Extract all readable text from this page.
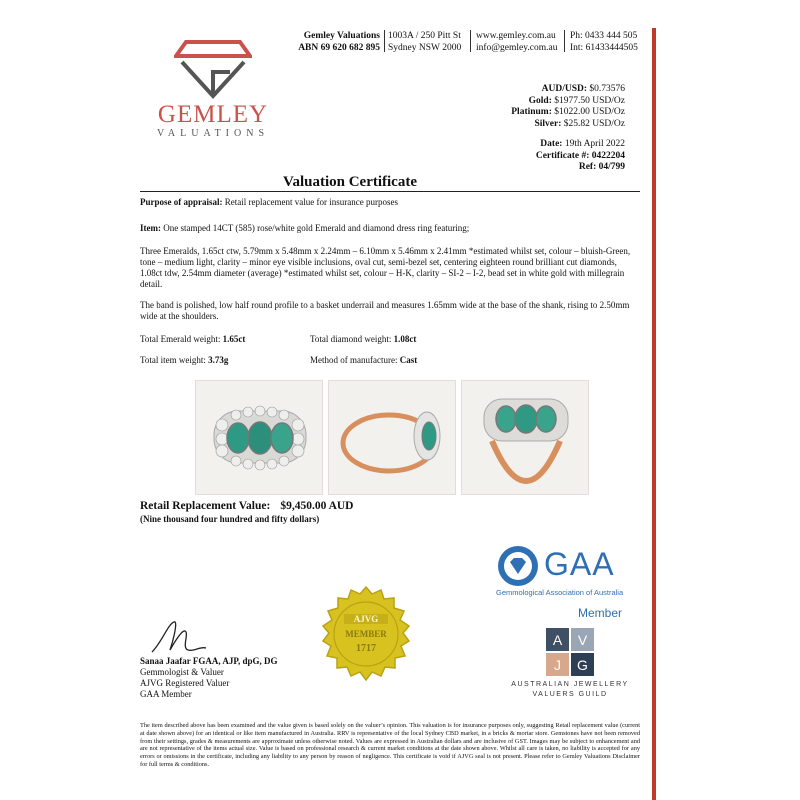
GEMLEY
VALUATIONS
Gemley Valuations
ABN 69 620 682 895
1003A / 250 Pitt St
Sydney NSW 2000
www.gemley.com.au
info@gemley.com.au
Ph: 0433 444 505
Int: 61433444505
AUD/USD: $0.73576
Gold: $1977.50 USD/Oz
Platinum: $1022.00 USD/Oz
Silver: $25.82 USD/Oz
Date: 19th April 2022
Certificate #: 0422204
Ref: 04/799
Valuation Certificate
Purpose of appraisal: Retail replacement value for insurance purposes
Item: One stamped 14CT (585) rose/white gold Emerald and diamond dress ring featuring;
Three Emeralds, 1.65ct ctw, 5.79mm x 5.48mm x 2.24mm – 6.10mm x 5.46mm x 2.41mm *estimated whilst set, colour – bluish-Green, tone – medium light, clarity – minor eye visible inclusions, oval cut, semi-bezel set, centering eighteen round brilliant cut diamonds, 1.08ct tdw, 2.54mm diameter (average) *estimated whilst set, colour – H-K, clarity – SI-2 – I-2, bead set in white gold with millegrain detail.
The band is polished, low half round profile to a basket underrail and measures 1.65mm wide at the base of the shank, rising to 2.50mm wide at the shoulders.
Total Emerald weight: 1.65ct	Total diamond weight: 1.08ct
Total item weight: 3.73g	Method of manufacture: Cast
Retail Replacement Value: $9,450.00 AUD
(Nine thousand four hundred and fifty dollars)
GAA
Gemmological Association of Australia
Member
A V
J G
AUSTRALIAN JEWELLERY
VALUERS GUILD
AJVG
MEMBER
1717
Sanaa Jaafar FGAA, AJP, dpG, DG
Gemmologist & Valuer
AJVG Registered Valuer
GAA Member
The item described above has been examined and the value given is based solely on the valuer’s opinion. This valuation is for insurance purposes only, suggesting Retail replacement value (current at date shown above) for an identical or like item manufactured in Australia. RRV is representative of the local Sydney CBD market, in a bricks & mortar store. Gemstones have not been removed from their settings, grades & measurements are approximate unless otherwise noted. Values are expressed in Australian dollars and are inclusive of GST. Images may be subject to enhancement and are not representative of the items actual size. Value is based on professional research & current market conditions at the date shown above. Whilst all care is taken, no liability is accepted for any errors or omissions in the certificate, including any liability to any person by reason of negligence. This certificate is void if AJVG seal is not present. Please refer to Gemley Valuations Disclaimer for full terms & conditions.
